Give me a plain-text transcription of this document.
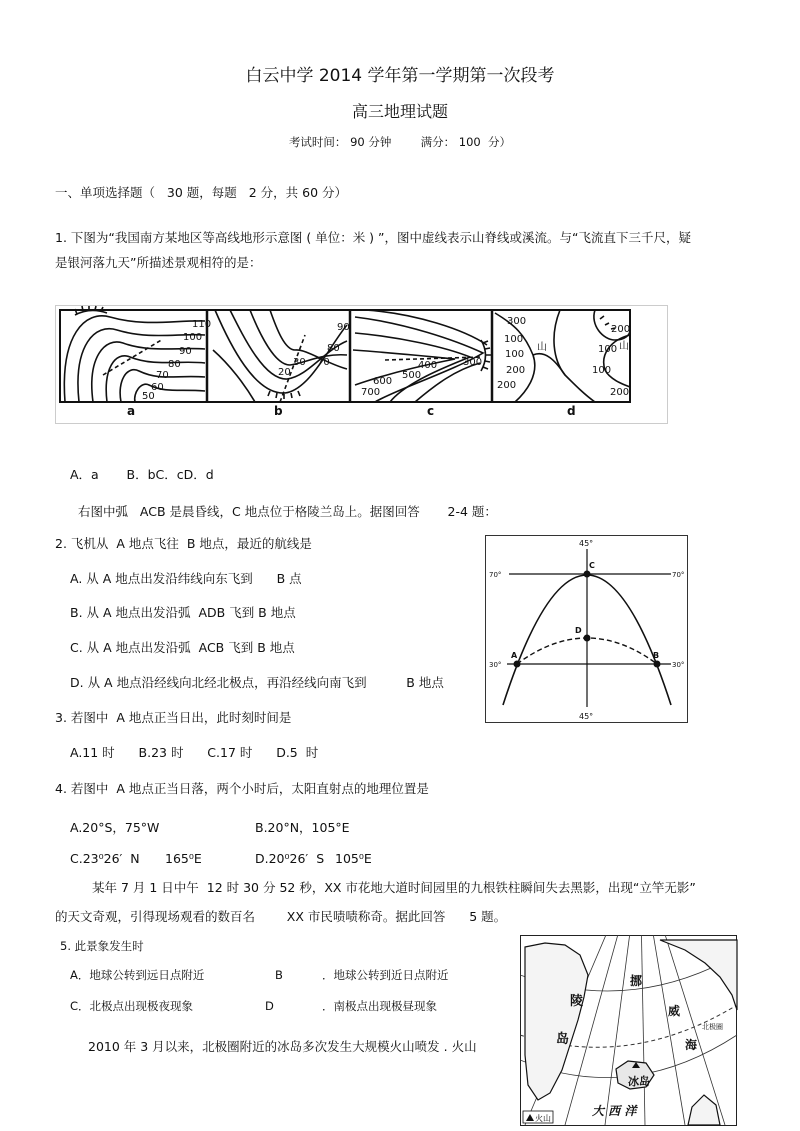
白云中学 2014 学年第一学期第一次段考
高三地理试题
考试时间： 90 分钟        满分： 100  分）
一、单项选择题（   30 题，每题   2 分，共 60 分）
1. 下图为“我国南方某地区等高线地形示意图 ( 单位：米 ) ”，图中虚线表示山脊线或溪流。与“飞流直下三千尺，疑
是银河落九天”所描述景观相符的是：
110
100
90
80
70
60
50
90
80
70
30
20
600
700
500
400	300
300
100
100
山
200
200
200
100 山
100
200
a	b	c	d
A．a       B．bC．cD．d
右图中弧   ACB 是晨昏线，C 地点位于格陵兰岛上。据图回答       2-4 题：
2. 飞机从  A 地点飞往  B 地点，最近的航线是
A. 从 A 地点出发沿纬线向东飞到      B 点
B. 从 A 地点出发沿弧  ADB 飞到 B 地点
C. 从 A 地点出发沿弧  ACB 飞到 B 地点
D. 从 A 地点沿经线向北经北极点，再沿经线向南飞到          B 地点
45°
45°
70°	70°
30°	30°
C
D
A	B
3. 若图中  A 地点正当日出，此时刻时间是
A.11 时      B.23 时      C.17 时      D.5  时
4. 若图中  A 地点正当日落，两个小时后，太阳直射点的地理位置是
A.20°S，75°W	B.20°N，105°E
C.23⁰26′  N 165⁰E	D.20⁰26′  S 105⁰E
某年 7 月 1 日中午  12 时 30 分 52 秒，XX 市花地大道时间园里的九根铁柱瞬间失去黑影，出现“立竿无影”
的天文奇观，引得现场观看的数百名        XX 市民啧啧称奇。据此回答      5 题。
5. 此景象发生时
A．地球公转到远日点附近	B	．地球公转到近日点附近
C．北极点出现极夜现象	D	．南极点出现极昼现象
2010 年 3 月以来，北极圈附近的冰岛多次发生大规模火山喷发 . 火山
陵
岛
挪
威
海
冰岛
大 西 洋
北极圈
火山
